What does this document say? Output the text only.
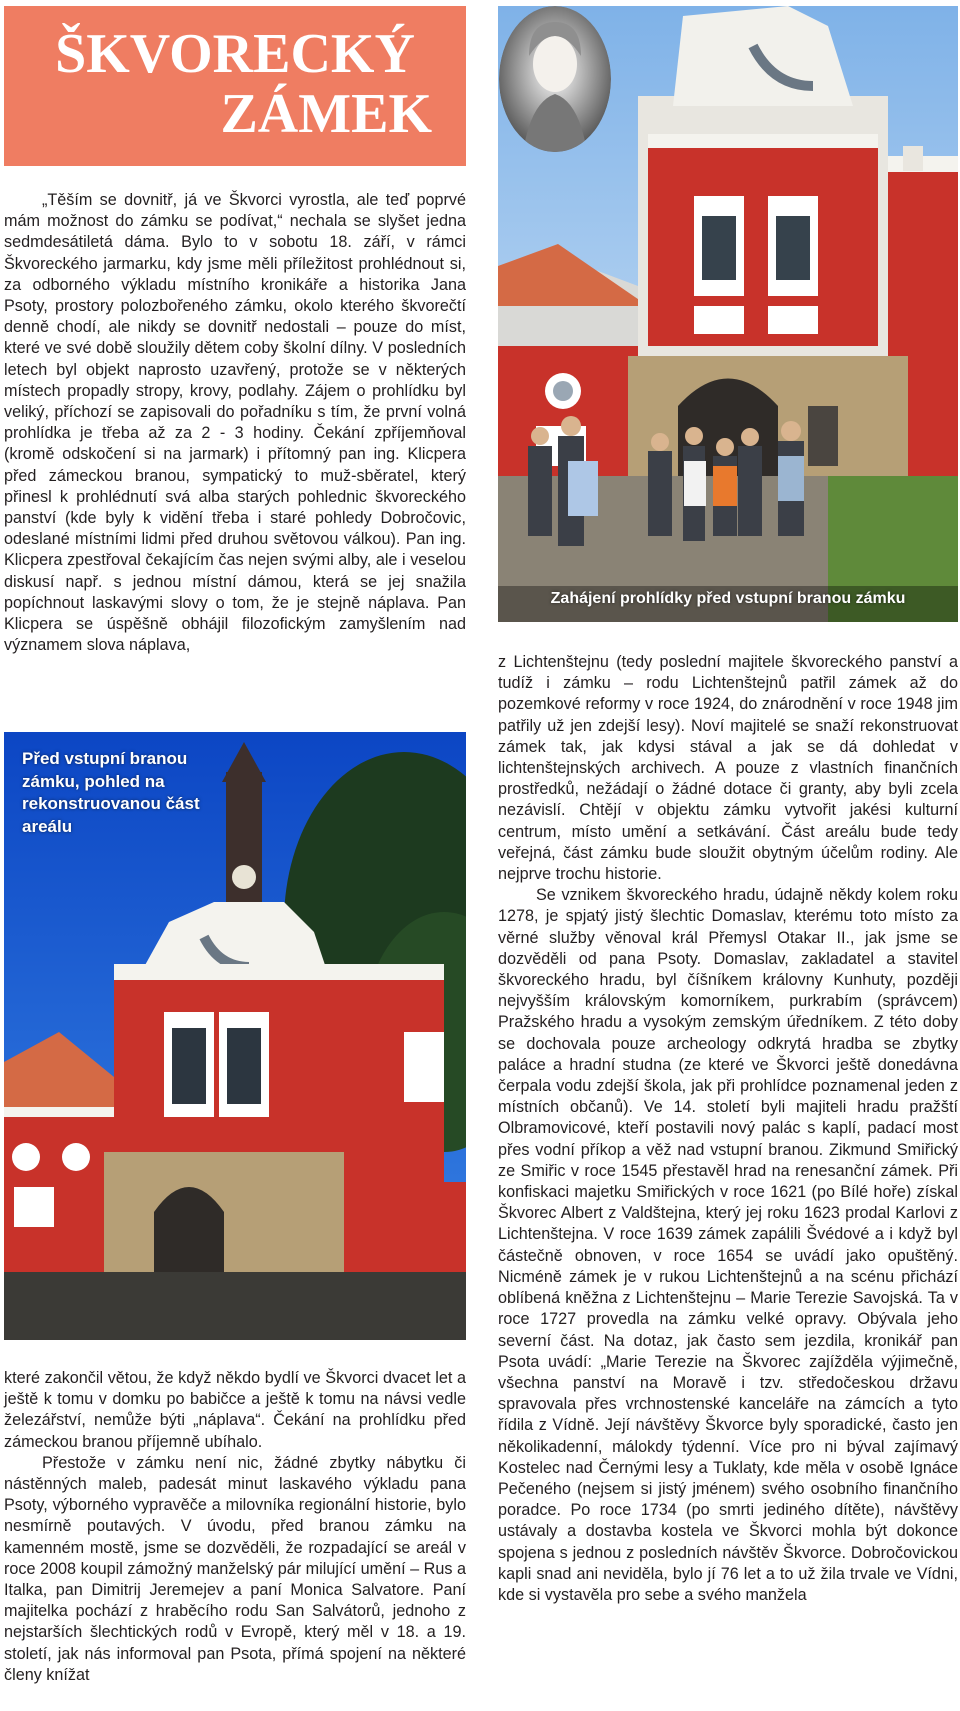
ŠKVORECKÝ
ZÁMEK
Zahájení prohlídky před vstupní branou zámku
Před vstupní branou zámku, pohled na rekonstruovanou část areálu

„Těším se dovnitř, já ve Škvorci vyrostla, ale teď poprvé mám možnost do zámku se podívat,“ nechala se slyšet jedna sedmdesátiletá dáma. Bylo to v sobotu 18. září, v rámci Škvoreckého jarmarku, kdy jsme měli příležitost prohlédnout si, za odborného výkladu místního kronikáře a historika Jana Psoty, prostory polozbořeného zámku, okolo kterého škvorečtí denně chodí, ale nikdy se dovnitř nedostali – pouze do míst, které ve své době sloužily dětem coby školní dílny. V posledních letech byl objekt naprosto uzavřený, protože se v některých místech propadly stropy, krovy, podlahy. Zájem o prohlídku byl veliký, příchozí se zapisovali do pořadníku s tím, že první volná prohlídka je třeba až za 2 - 3 hodiny. Čekání zpříjemňoval (kromě odskočení si na jarmark) i přítomný pan ing. Klicpera před zámeckou branou, sympatický to muž-sběratel, který přinesl k prohlédnutí svá alba starých pohlednic škvoreckého panství (kde byly k vidění třeba i staré pohledy Dobročovic, odeslané místními lidmi před druhou světovou válkou). Pan ing. Klicpera zpestřoval čekajícím čas nejen svými alby, ale i veselou diskusí např. s jednou místní dámou, která se jej snažila popíchnout laskavými slovy o tom, že je stejně náplava. Pan Klicpera se úspěšně obhájil filozofickým zamyšlením nad významem slova náplava,

které zakončil větou, že když někdo bydlí ve Škvorci dvacet let a ještě k tomu v domku po babičce a ještě k tomu na návsi vedle železářství, nemůže býti „náplava“. Čekání na prohlídku před zámeckou branou příjemně ubíhalo.

Přestože v zámku není nic, žádné zbytky nábytku či nástěnných maleb, padesát minut laskavého výkladu pana Psoty, výborného vypravěče a milovníka regionální historie, bylo nesmírně poutavých. V úvodu, před branou zámku na kamenném mostě, jsme se dozvěděli, že rozpadající se areál v roce 2008 koupil zámožný manželský pár milující umění – Rus a Italka, pan Dimitrij Jeremejev a paní Monica Salvatore. Paní majitelka pochází z hraběcího rodu San Salvátorů, jednoho z nejstarších šlechtických rodů v Evropě, který měl v 18. a 19. století, jak nás informoval pan Psota, přímá spojení na některé členy knížat

z Lichtenštejnu (tedy poslední majitele škvoreckého panství a tudíž i zámku – rodu Lichtenštejnů patřil zámek až do pozemkové reformy v roce 1924, do znárodnění v roce 1948 jim patřily už jen zdejší lesy). Noví majitelé se snaží rekonstruovat zámek tak, jak kdysi stával a jak se dá dohledat v lichtenštejnských archivech. A pouze z vlastních finančních prostředků, nežádají o žádné dotace či granty, aby byli zcela nezávislí. Chtějí v objektu zámku vytvořit jakési kulturní centrum, místo umění a setkávání. Část areálu bude tedy veřejná, část zámku bude sloužit obytným účelům rodiny. Ale nejprve trochu historie.

Se vznikem škvoreckého hradu, údajně někdy kolem roku 1278, je spjatý jistý šlechtic Domaslav, kterému toto místo za věrné služby věnoval král Přemysl Otakar II., jak jsme se dozvěděli od pana Psoty. Domaslav, zakladatel a stavitel škvoreckého hradu, byl číšníkem královny Kunhuty, později nejvyšším královským komorníkem, purkrabím (správcem) Pražského hradu a vysokým zemským úředníkem. Z této doby se dochovala pouze archeology odkrytá hradba se zbytky paláce a hradní studna (ze které ve Škvorci ještě donedávna čerpala vodu zdejší škola, jak při prohlídce poznamenal jeden z místních občanů). Ve 14. století byli majiteli hradu pražští Olbramovicové, kteří postavili nový palác s kaplí, padací most přes vodní příkop a věž nad vstupní branou. Zikmund Smiřický ze Smiřic v roce 1545 přestavěl hrad na renesanční zámek. Při konfiskaci majetku Smiřických v roce 1621 (po Bílé hoře) získal Škvorec Albert z Valdštejna, který jej roku 1623 prodal Karlovi z Lichtenštejna. V roce 1639 zámek zapálili Švédové a i když byl částečně obnoven, v roce 1654 se uvádí jako opuštěný. Nicméně zámek je v rukou Lichtenštejnů a na scénu přichází oblíbená kněžna z Lichtenštejnu – Marie Terezie Savojská. Ta v roce 1727 provedla na zámku velké opravy. Obývala jeho severní část. Na dotaz, jak často sem jezdila, kronikář pan Psota uvádí: „Marie Terezie na Škvorec zajížděla výjimečně, všechna panství na Moravě i tzv. středočeskou državu spravovala přes vrchnostenské kanceláře na zámcích a tyto řídila z Vídně. Její návštěvy Škvorce byly sporadické, často jen několikadenní, málokdy týdenní. Více pro ni býval zajímavý Kostelec nad Černými lesy a Tuklaty, kde měla v osobě Ignáce Pečeného (nejsem si jistý jménem) svého osobního finančního poradce. Po roce 1734 (po smrti jediného dítěte), návštěvy ustávaly a dostavba kostela ve Škvorci mohla být dokonce spojena s jednou z posledních návštěv Škvorce. Dobročovickou kapli snad ani neviděla, bylo jí 76 let a to už žila trvale ve Vídni, kde si vystavěla pro sebe a svého manžela
